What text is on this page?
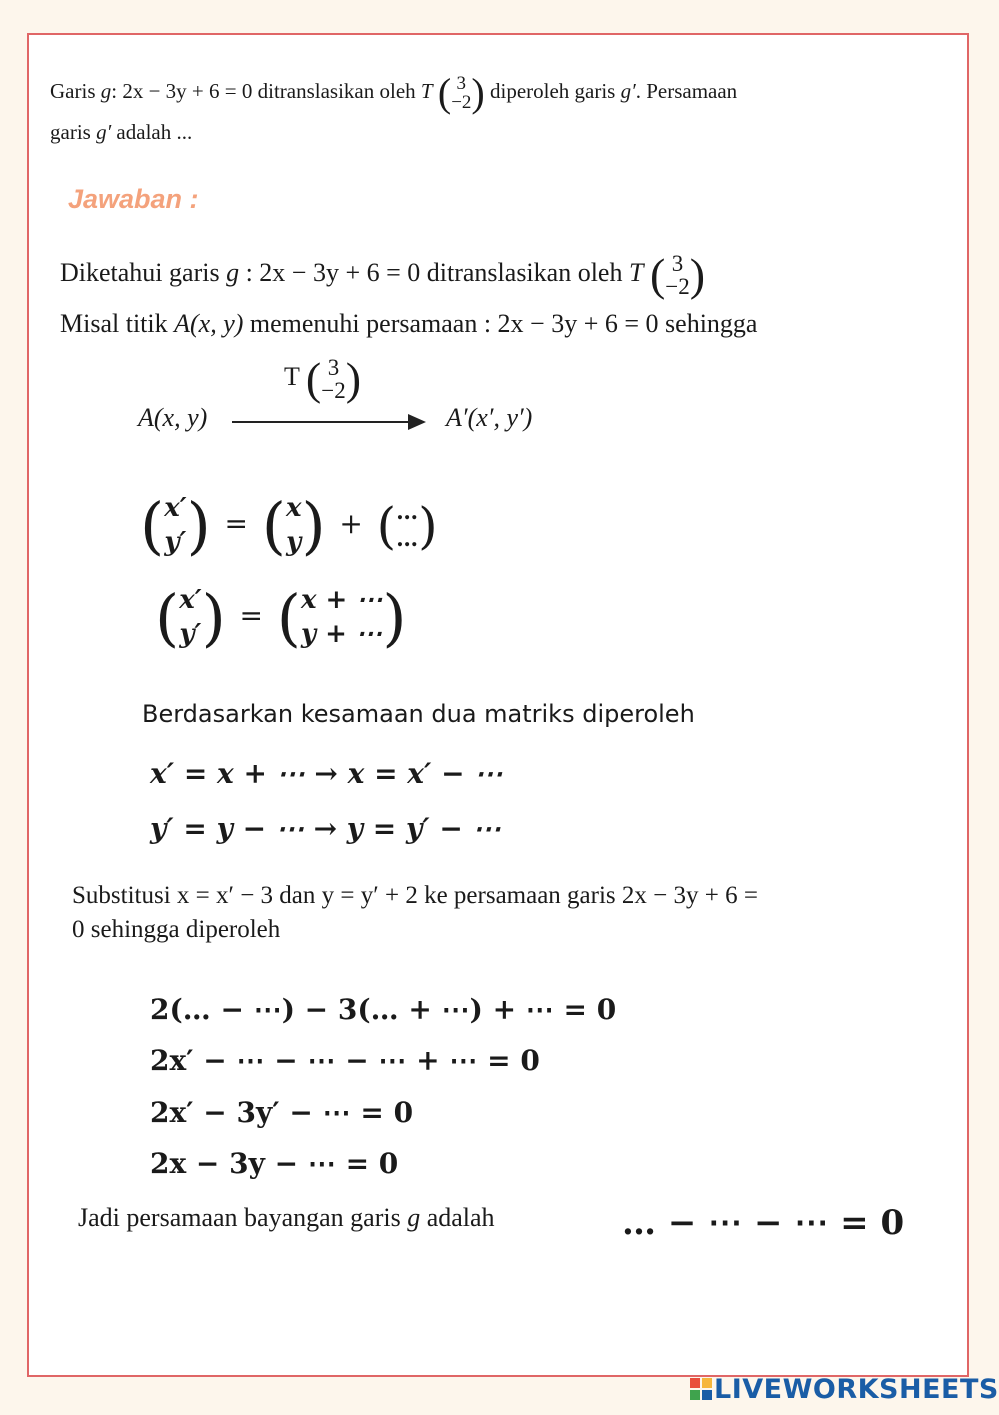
Garis g: 2x − 3y + 6 = 0 ditranslasikan oleh T ( 3
−2 ) diperoleh garis g′. Persamaan
garis g′ adalah ...
Jawaban :
Diketahui garis g : 2x − 3y + 6 = 0 ditranslasikan oleh T ( 3
−2 )
Misal titik A(x, y) memenuhi persamaan : 2x − 3y + 6 = 0 sehingga
A(x, y)
T ( 3
−2 )
A′(x′, y′)
( x′
y′ ) = ( x
y ) + ( …
… )
( x′
y′ ) = ( x + ⋯
y + ⋯ )
Berdasarkan kesamaan dua matriks diperoleh
x′ = x + ⋯ → x = x′ − ⋯
y′ = y − ⋯ → y = y′ − ⋯
Substitusi x = x′ − 3 dan y = y′ + 2 ke persamaan garis 2x − 3y + 6 =
0 sehingga diperoleh
2(… − ⋯) − 3(… + ⋯) + ⋯ = 0
2x′ − ⋯ − ⋯ − ⋯ + ⋯ = 0
2x′ − 3y′ − ⋯ = 0
2x − 3y − ⋯ = 0
Jadi persamaan bayangan garis g adalah	… − ⋯ − ⋯ = 0
LIVEWORKSHEETS
